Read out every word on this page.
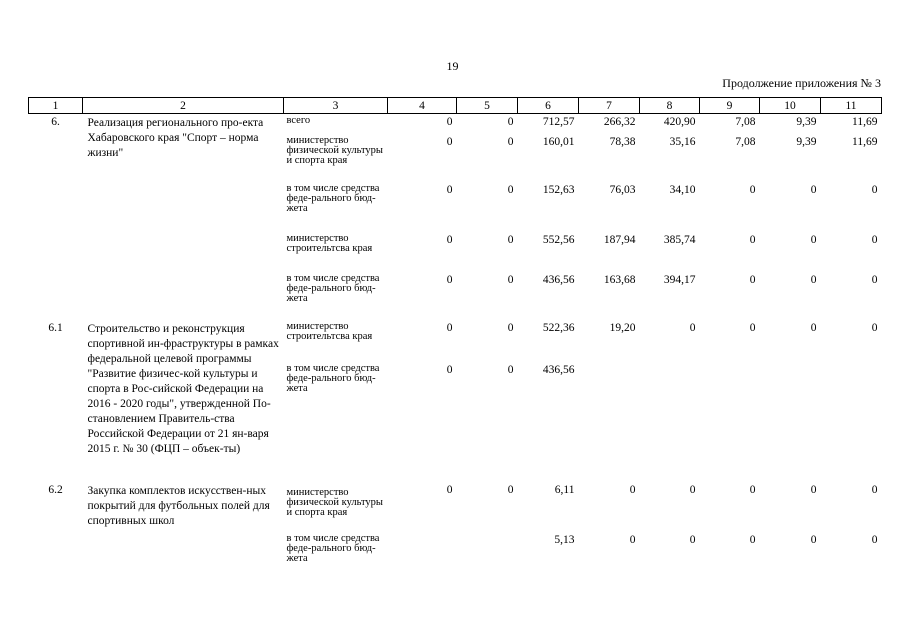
19
Продолжение приложения № 3
1	2	3	4	5	6	7	8	9	10	11
6.	Реализация регионального про-екта Хабаровского края "Спорт – норма жизни"	всего	0	0	712,57	266,32	420,90	7,08	9,39	11,69
		министерство физической культуры и спорта края	0	0	160,01	78,38	35,16	7,08	9,39	11,69
		в том числе средства феде-рального бюд-жета	0	0	152,63	76,03	34,10	0	0	0
		министерство строительтсва края	0	0	552,56	187,94	385,74	0	0	0
		в том числе средства феде-рального бюд-жета	0	0	436,56	163,68	394,17	0	0	0
6.1	Строительство и реконструкция спортивной ин-фраструктуры в рамках федеральной целевой программы "Развитие физичес-кой культуры и спорта в Рос-сийской Федерации на 2016 - 2020 годы", утвержденной По-становлением Правитель-ства Российской Федерации от 21 ян-варя 2015 г. № 30 (ФЦП – объек-ты)	министерство строительтсва края	0	0	522,36	19,20	0	0	0	0
		в том числе средства феде-рального бюд-жета	0	0	436,56					
6.2	Закупка комплектов искусствен-ных покрытий для футбольных полей для спортивных школ	министерство физической культуры и спорта края	0	0	6,11	0	0	0	0	0
		в том числе средства феде-рального бюд-жета			5,13	0	0	0	0	0
